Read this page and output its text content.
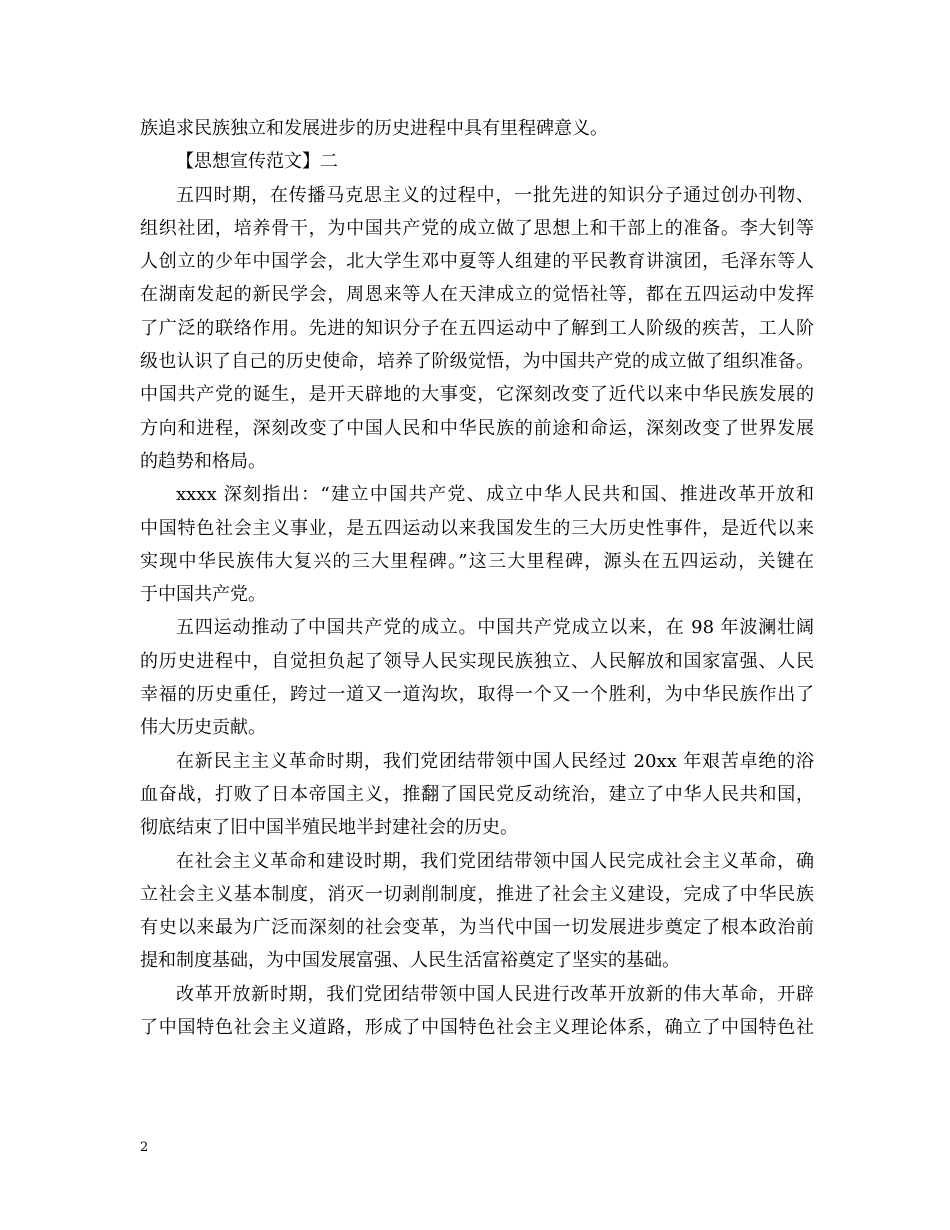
族追求民族独立和发展进步的历史进程中具有里程碑意义。
【思想宣传范文】二
五四时期，在传播马克思主义的过程中，一批先进的知识分子通过创办刊物、
组织社团，培养骨干，为中国共产党的成立做了思想上和干部上的准备。李大钊等
人创立的少年中国学会，北大学生邓中夏等人组建的平民教育讲演团，毛泽东等人
在湖南发起的新民学会，周恩来等人在天津成立的觉悟社等，都在五四运动中发挥
了广泛的联络作用。先进的知识分子在五四运动中了解到工人阶级的疾苦，工人阶
级也认识了自己的历史使命，培养了阶级觉悟，为中国共产党的成立做了组织准备。
中国共产党的诞生，是开天辟地的大事变，它深刻改变了近代以来中华民族发展的
方向和进程，深刻改变了中国人民和中华民族的前途和命运，深刻改变了世界发展
的趋势和格局。
xxxx 深刻指出：“建立中国共产党、成立中华人民共和国、推进改革开放和
中国特色社会主义事业，是五四运动以来我国发生的三大历史性事件，是近代以来
实现中华民族伟大复兴的三大里程碑。”这三大里程碑，源头在五四运动，关键在
于中国共产党。
五四运动推动了中国共产党的成立。中国共产党成立以来，在 98 年波澜壮阔
的历史进程中，自觉担负起了领导人民实现民族独立、人民解放和国家富强、人民
幸福的历史重任，跨过一道又一道沟坎，取得一个又一个胜利，为中华民族作出了
伟大历史贡献。
在新民主主义革命时期，我们党团结带领中国人民经过 20xx 年艰苦卓绝的浴
血奋战，打败了日本帝国主义，推翻了国民党反动统治，建立了中华人民共和国，
彻底结束了旧中国半殖民地半封建社会的历史。
在社会主义革命和建设时期，我们党团结带领中国人民完成社会主义革命，确
立社会主义基本制度，消灭一切剥削制度，推进了社会主义建设，完成了中华民族
有史以来最为广泛而深刻的社会变革，为当代中国一切发展进步奠定了根本政治前
提和制度基础，为中国发展富强、人民生活富裕奠定了坚实的基础。
改革开放新时期，我们党团结带领中国人民进行改革开放新的伟大革命，开辟
了中国特色社会主义道路，形成了中国特色社会主义理论体系，确立了中国特色社
2
